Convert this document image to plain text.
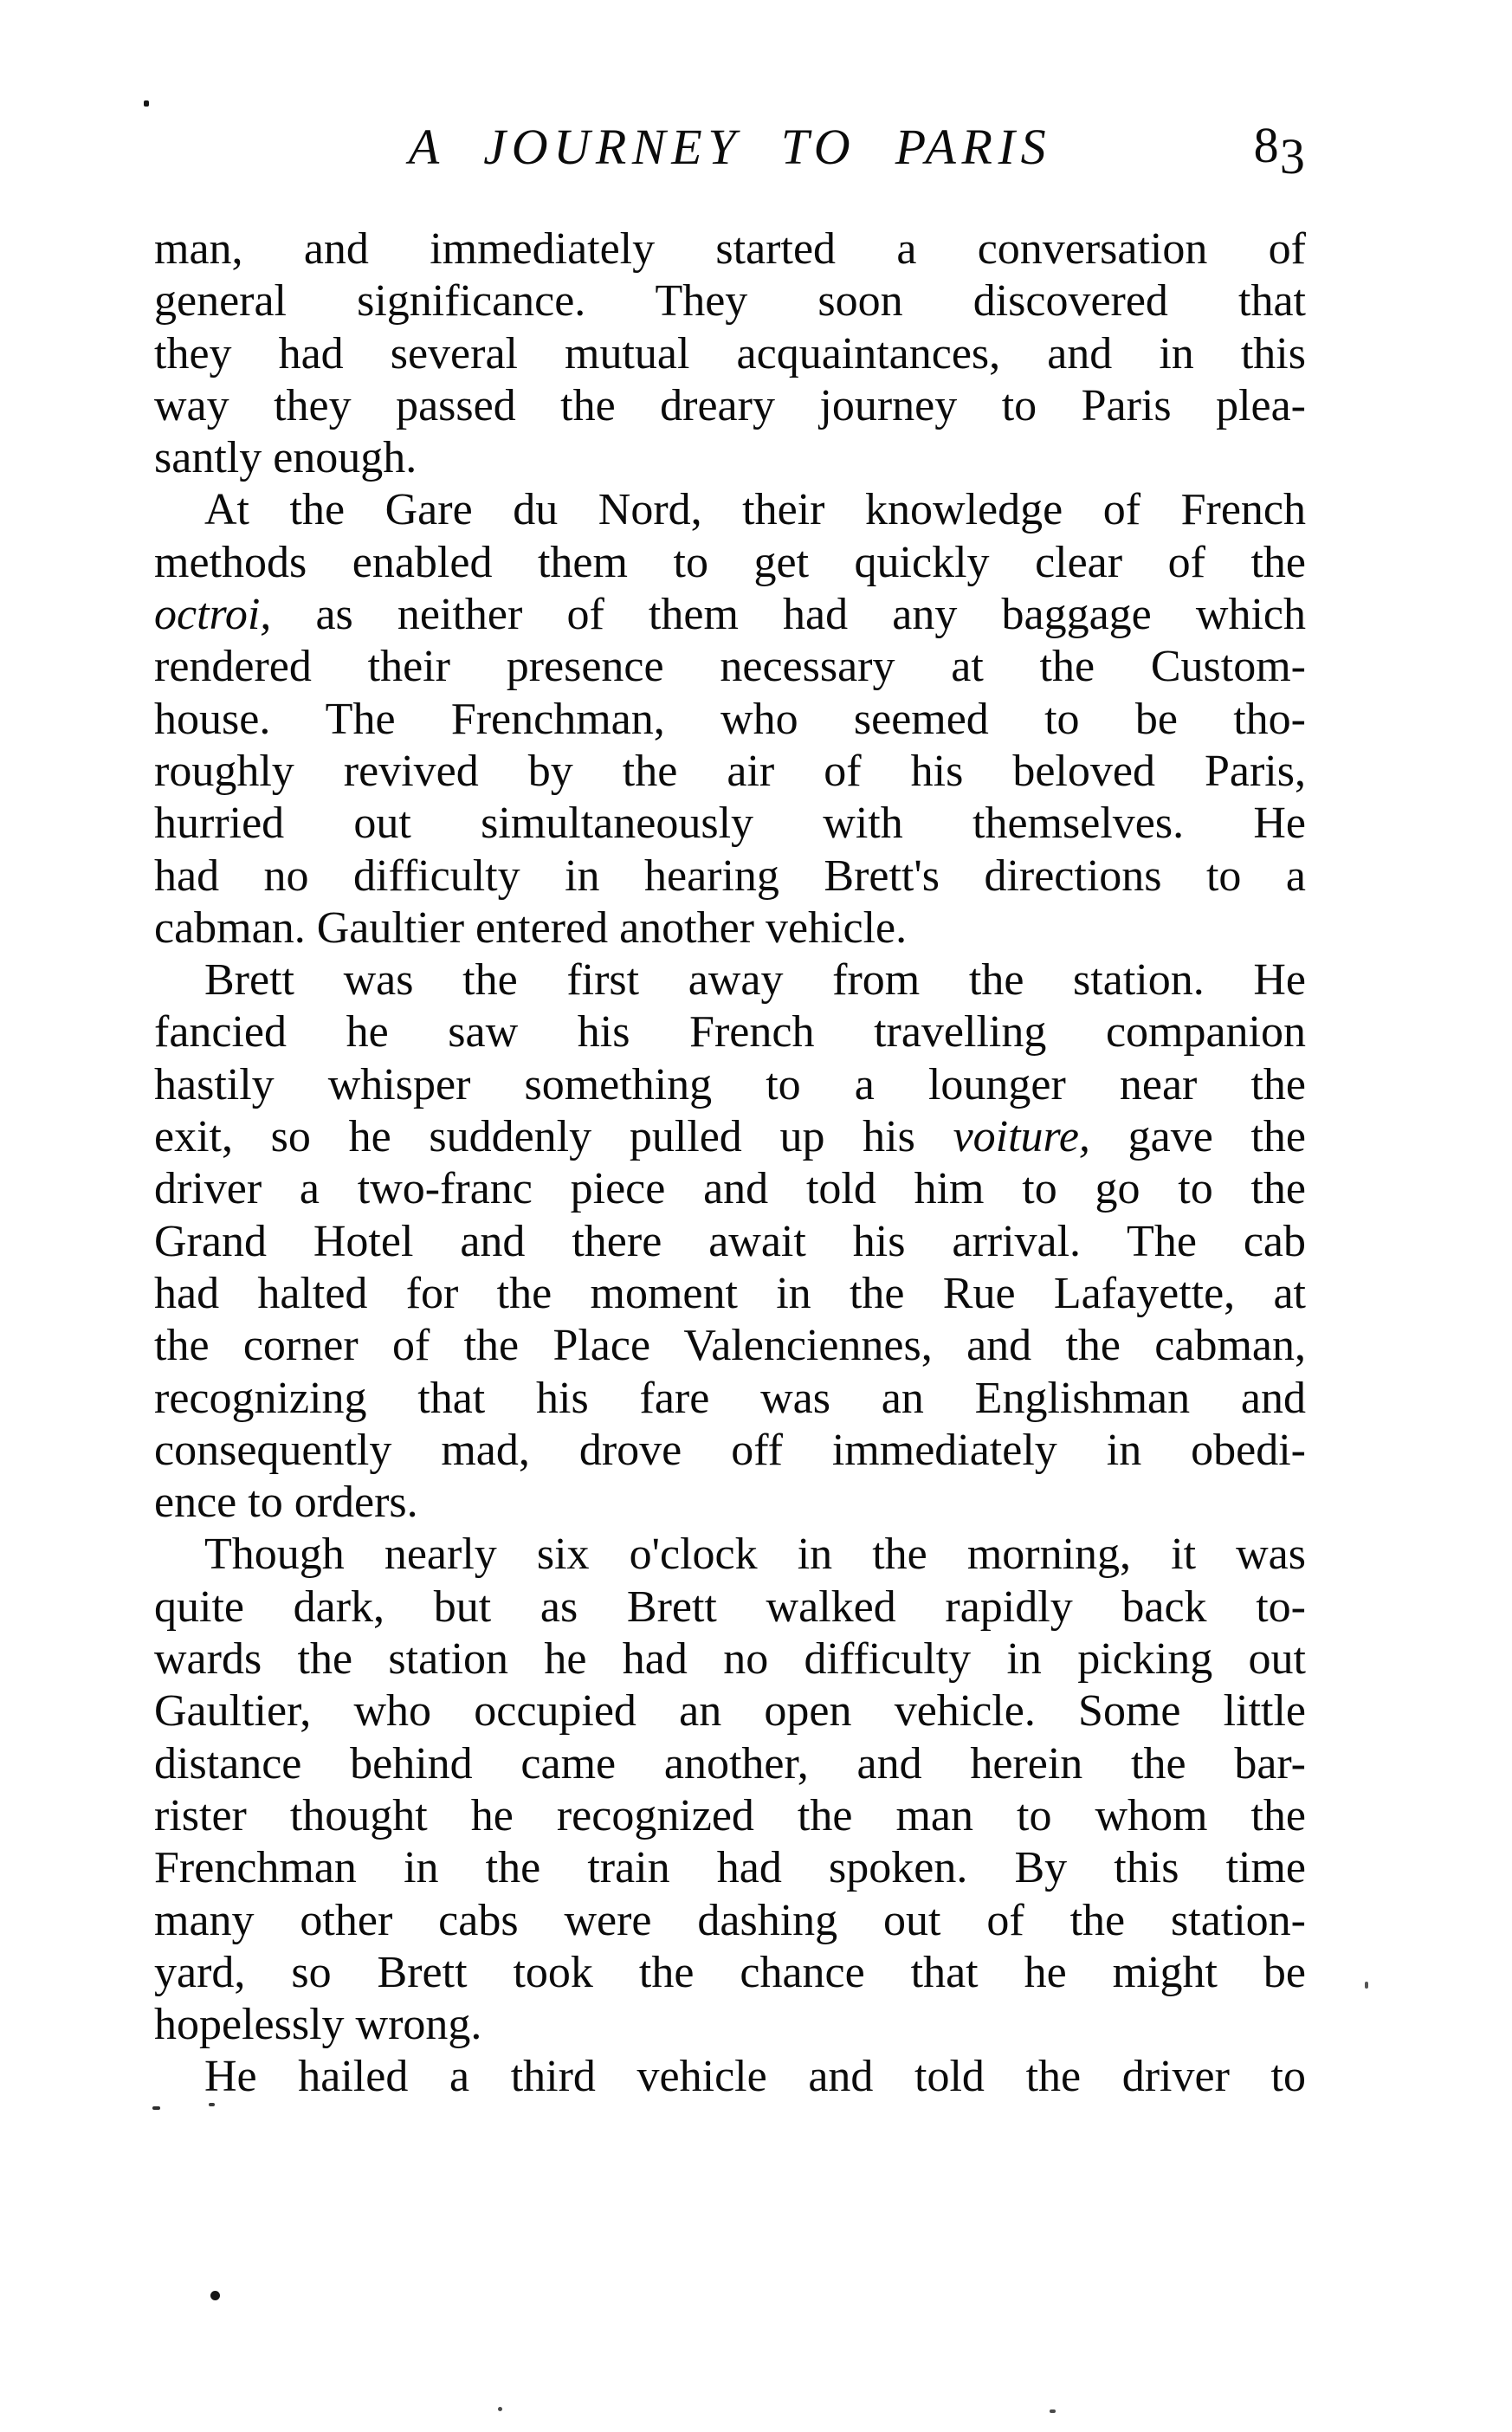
A JOURNEY TO PARIS	83
man, and immediately started a conversation of
general significance. They soon discovered that
they had several mutual acquaintances, and in this
way they passed the dreary journey to Paris plea-
santly enough.
At the Gare du Nord, their knowledge of French
methods enabled them to get quickly clear of the
octroi, as neither of them had any baggage which
rendered their presence necessary at the Custom-
house. The Frenchman, who seemed to be tho-
roughly revived by the air of his beloved Paris,
hurried out simultaneously with themselves. He
had no difficulty in hearing Brett's directions to a
cabman. Gaultier entered another vehicle.
Brett was the first away from the station. He
fancied he saw his French travelling companion
hastily whisper something to a lounger near the
exit, so he suddenly pulled up his voiture, gave the
driver a two-franc piece and told him to go to the
Grand Hotel and there await his arrival. The cab
had halted for the moment in the Rue Lafayette, at
the corner of the Place Valenciennes, and the cabman,
recognizing that his fare was an Englishman and
consequently mad, drove off immediately in obedi-
ence to orders.
Though nearly six o'clock in the morning, it was
quite dark, but as Brett walked rapidly back to-
wards the station he had no difficulty in picking out
Gaultier, who occupied an open vehicle. Some little
distance behind came another, and herein the bar-
rister thought he recognized the man to whom the
Frenchman in the train had spoken. By this time
many other cabs were dashing out of the station-
yard, so Brett took the chance that he might be
hopelessly wrong.
He hailed a third vehicle and told the driver to
